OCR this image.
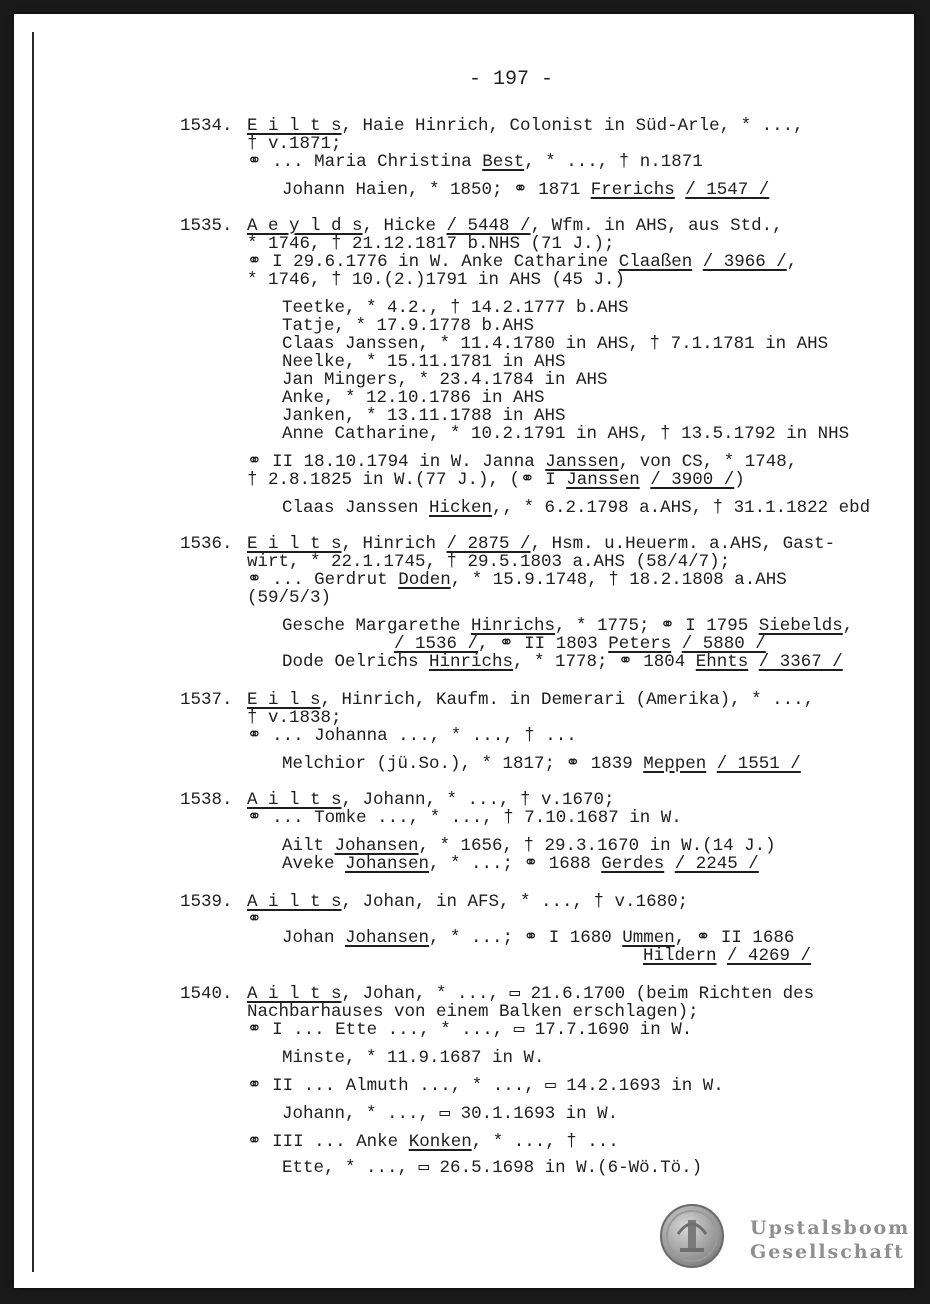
- 197 -
1534. E i l t s, Haie Hinrich, Colonist in Süd-Arle, * ...,
† v.1871;
⚭ ... Maria Christina Best, * ..., † n.1871
Johann Haien, * 1850; ⚭ 1871 Frerichs / 1547 /
1535. A e y l d s, Hicke / 5448 /, Wfm. in AHS, aus Std.,
* 1746, † 21.12.1817 b.NHS (71 J.);
⚭ I 29.6.1776 in W. Anke Catharine Claaßen / 3966 /,
* 1746, † 10.(2.)1791 in AHS (45 J.)
Teetke, * 4.2., † 14.2.1777 b.AHS
Tatje, * 17.9.1778 b.AHS
Claas Janssen, * 11.4.1780 in AHS, † 7.1.1781 in AHS
Neelke, * 15.11.1781 in AHS
Jan Mingers, * 23.4.1784 in AHS
Anke, * 12.10.1786 in AHS
Janken, * 13.11.1788 in AHS
Anne Catharine, * 10.2.1791 in AHS, † 13.5.1792 in NHS
⚭ II 18.10.1794 in W. Janna Janssen, von CS, * 1748,
† 2.8.1825 in W.(77 J.), (⚭ I Janssen / 3900 /)
Claas Janssen Hicken,, * 6.2.1798 a.AHS, † 31.1.1822 ebd
1536. E i l t s, Hinrich / 2875 /, Hsm. u.Heuerm. a.AHS, Gast-
wirt, * 22.1.1745, † 29.5.1803 a.AHS (58/4/7);
⚭ ... Gerdrut Doden, * 15.9.1748, † 18.2.1808 a.AHS
(59/5/3)
Gesche Margarethe Hinrichs, * 1775; ⚭ I 1795 Siebelds,
/ 1536 /, ⚭ II 1803 Peters / 5880 /
Dode Oelrichs Hinrichs, * 1778; ⚭ 1804 Ehnts / 3367 /
1537. E i l s, Hinrich, Kaufm. in Demerari (Amerika), * ...,
† v.1838;
⚭ ... Johanna ..., * ..., † ...
Melchior (jü.So.), * 1817; ⚭ 1839 Meppen / 1551 /
1538. A i l t s, Johann, * ..., † v.1670;
⚭ ... Tomke ..., * ..., † 7.10.1687 in W.
Ailt Johansen, * 1656, † 29.3.1670 in W.(14 J.)
Aveke Johansen, * ...; ⚭ 1688 Gerdes / 2245 /
1539. A i l t s, Johan, in AFS, * ..., † v.1680;
⚭
Johan Johansen, * ...; ⚭ I 1680 Ummen, ⚭ II 1686
Hildern / 4269 /
1540. A i l t s, Johan, * ..., ▭ 21.6.1700 (beim Richten des
Nachbarhauses von einem Balken erschlagen);
⚭ I ... Ette ..., * ..., ▭ 17.7.1690 in W.
Minste, * 11.9.1687 in W.
⚭ II ... Almuth ..., * ..., ▭ 14.2.1693 in W.
Johann, * ..., ▭ 30.1.1693 in W.
⚭ III ... Anke Konken, * ..., † ...
Ette, * ..., ▭ 26.5.1698 in W.(6-Wö.Tö.)
Upstalsboom
Gesellschaft
